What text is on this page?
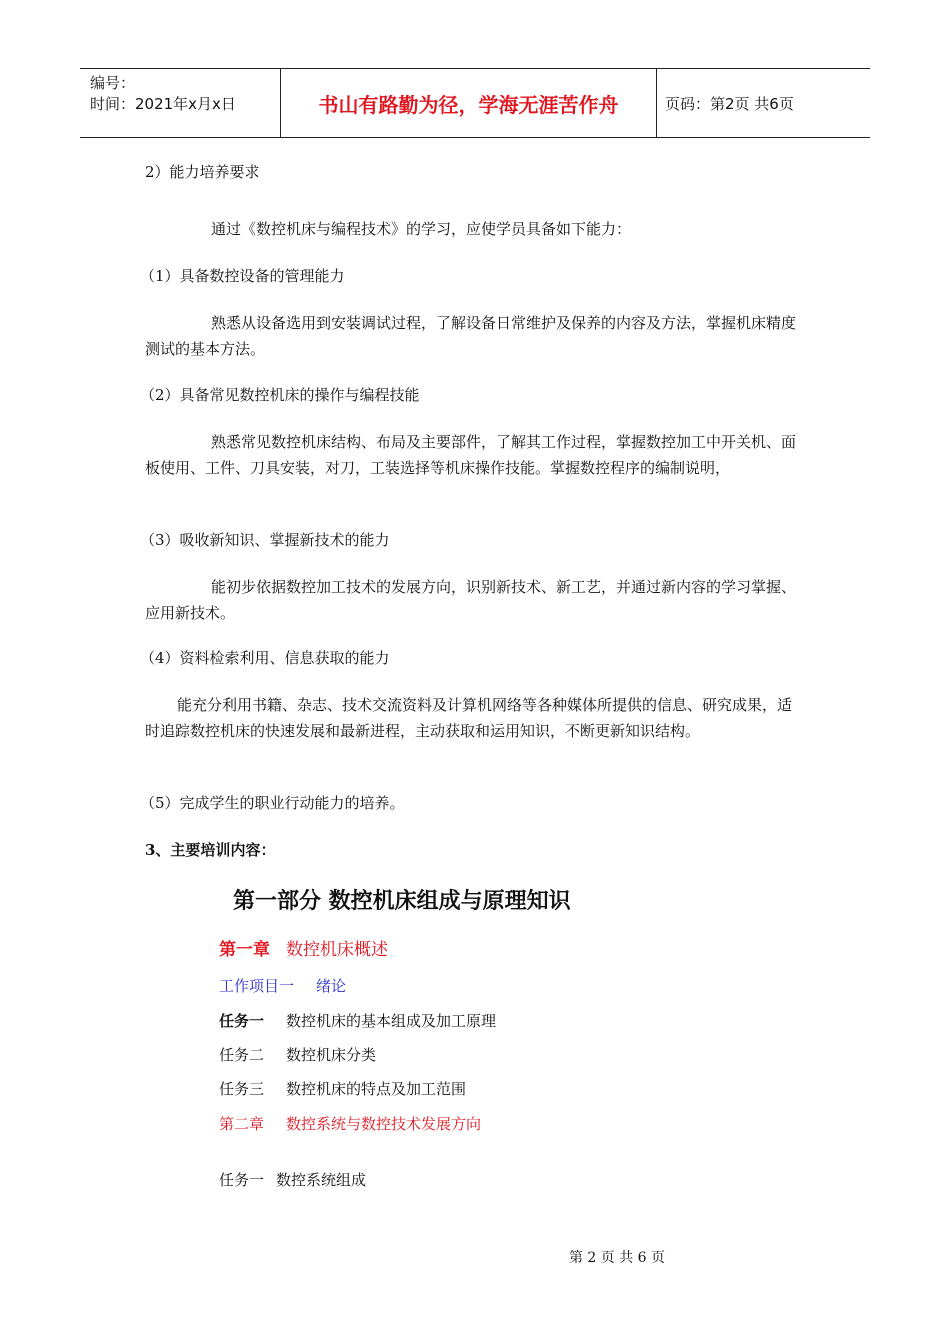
编号：
时间：2021年x月x日	书山有路勤为径，学海无涯苦作舟	页码：第2页 共6页
2）能力培养要求
通过《数控机床与编程技术》的学习，应使学员具备如下能力：
（1）具备数控设备的管理能力
熟悉从设备选用到安装调试过程，了解设备日常维护及保养的内容及方法，掌握机床精度测试的基本方法。
（2）具备常见数控机床的操作与编程技能
熟悉常见数控机床结构、布局及主要部件，了解其工作过程，掌握数控加工中开关机、面板使用、工件、刀具安装，对刀，工装选择等机床操作技能。掌握数控程序的编制说明，
（3）吸收新知识、掌握新技术的能力
能初步依据数控加工技术的发展方向，识别新技术、新工艺，并通过新内容的学习掌握、应用新技术。
（4）资料检索利用、信息获取的能力
能充分利用书籍、杂志、技术交流资料及计算机网络等各种媒体所提供的信息、研究成果，适时追踪数控机床的快速发展和最新进程，主动获取和运用知识，不断更新知识结构。
（5）完成学生的职业行动能力的培养。
3、主要培训内容：
第一部分 数控机床组成与原理知识
第一章 数控机床概述
工作项目一 绪论
任务一 数控机床的基本组成及加工原理
任务二 数控机床分类
任务三 数控机床的特点及加工范围
第二章 数控系统与数控技术发展方向
任务一 数控系统组成
第 2 页 共 6 页
